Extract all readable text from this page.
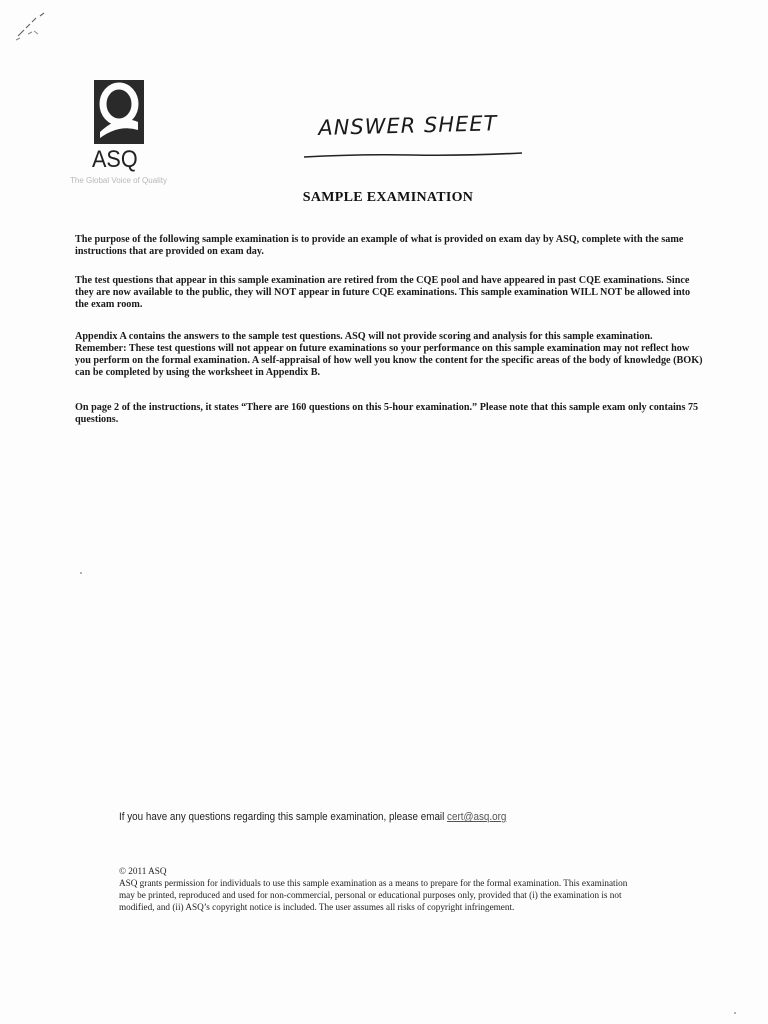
ASQ
The Global Voice of Quality
ANSWER SHEET
SAMPLE EXAMINATION
The purpose of the following sample examination is to provide an example of what is provided on exam day by ASQ, complete with the same instructions that are provided on exam day.
The test questions that appear in this sample examination are retired from the CQE pool and have appeared in past CQE examinations. Since they are now available to the public, they will NOT appear in future CQE examinations. This sample examination WILL NOT be allowed into the exam room.
Appendix A contains the answers to the sample test questions. ASQ will not provide scoring and analysis for this sample examination. Remember: These test questions will not appear on future examinations so your performance on this sample examination may not reflect how you perform on the formal examination. A self-appraisal of how well you know the content for the specific areas of the body of knowledge (BOK) can be completed by using the worksheet in Appendix B.
On page 2 of the instructions, it states “There are 160 questions on this 5-hour examination.” Please note that this sample exam only contains 75 questions.
If you have any questions regarding this sample examination, please email cert@asq.org
© 2011 ASQ
ASQ grants permission for individuals to use this sample examination as a means to prepare for the formal examination. This examination may be printed, reproduced and used for non-commercial, personal or educational purposes only, provided that (i) the examination is not modified, and (ii) ASQ’s copyright notice is included. The user assumes all risks of copyright infringement.
